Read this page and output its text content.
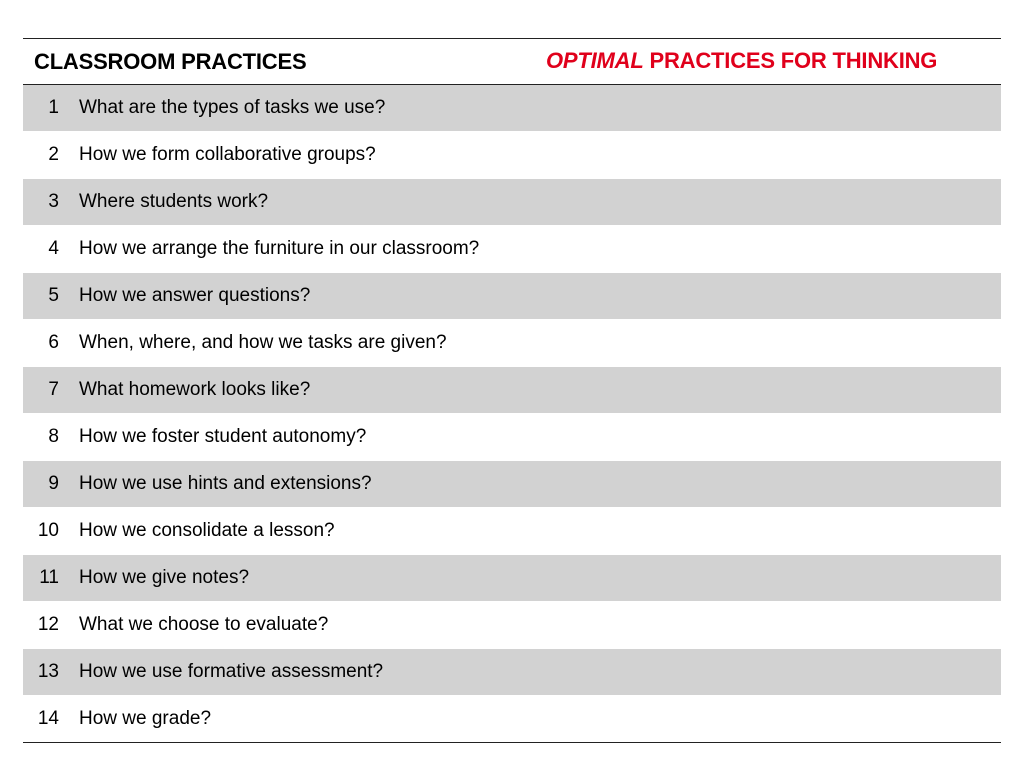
CLASSROOM PRACTICES	OPTIMAL PRACTICES FOR THINKING
1 What are the types of tasks we use?
2 How we form collaborative groups?
3 Where students work?
4 How we arrange the furniture in our classroom?
5 How we answer questions?
6 When, where, and how we tasks are given?
7 What homework looks like?
8 How we foster student autonomy?
9 How we use hints and extensions?
10 How we consolidate a lesson?
11 How we give notes?
12 What we choose to evaluate?
13 How we use formative assessment?
14 How we grade?
